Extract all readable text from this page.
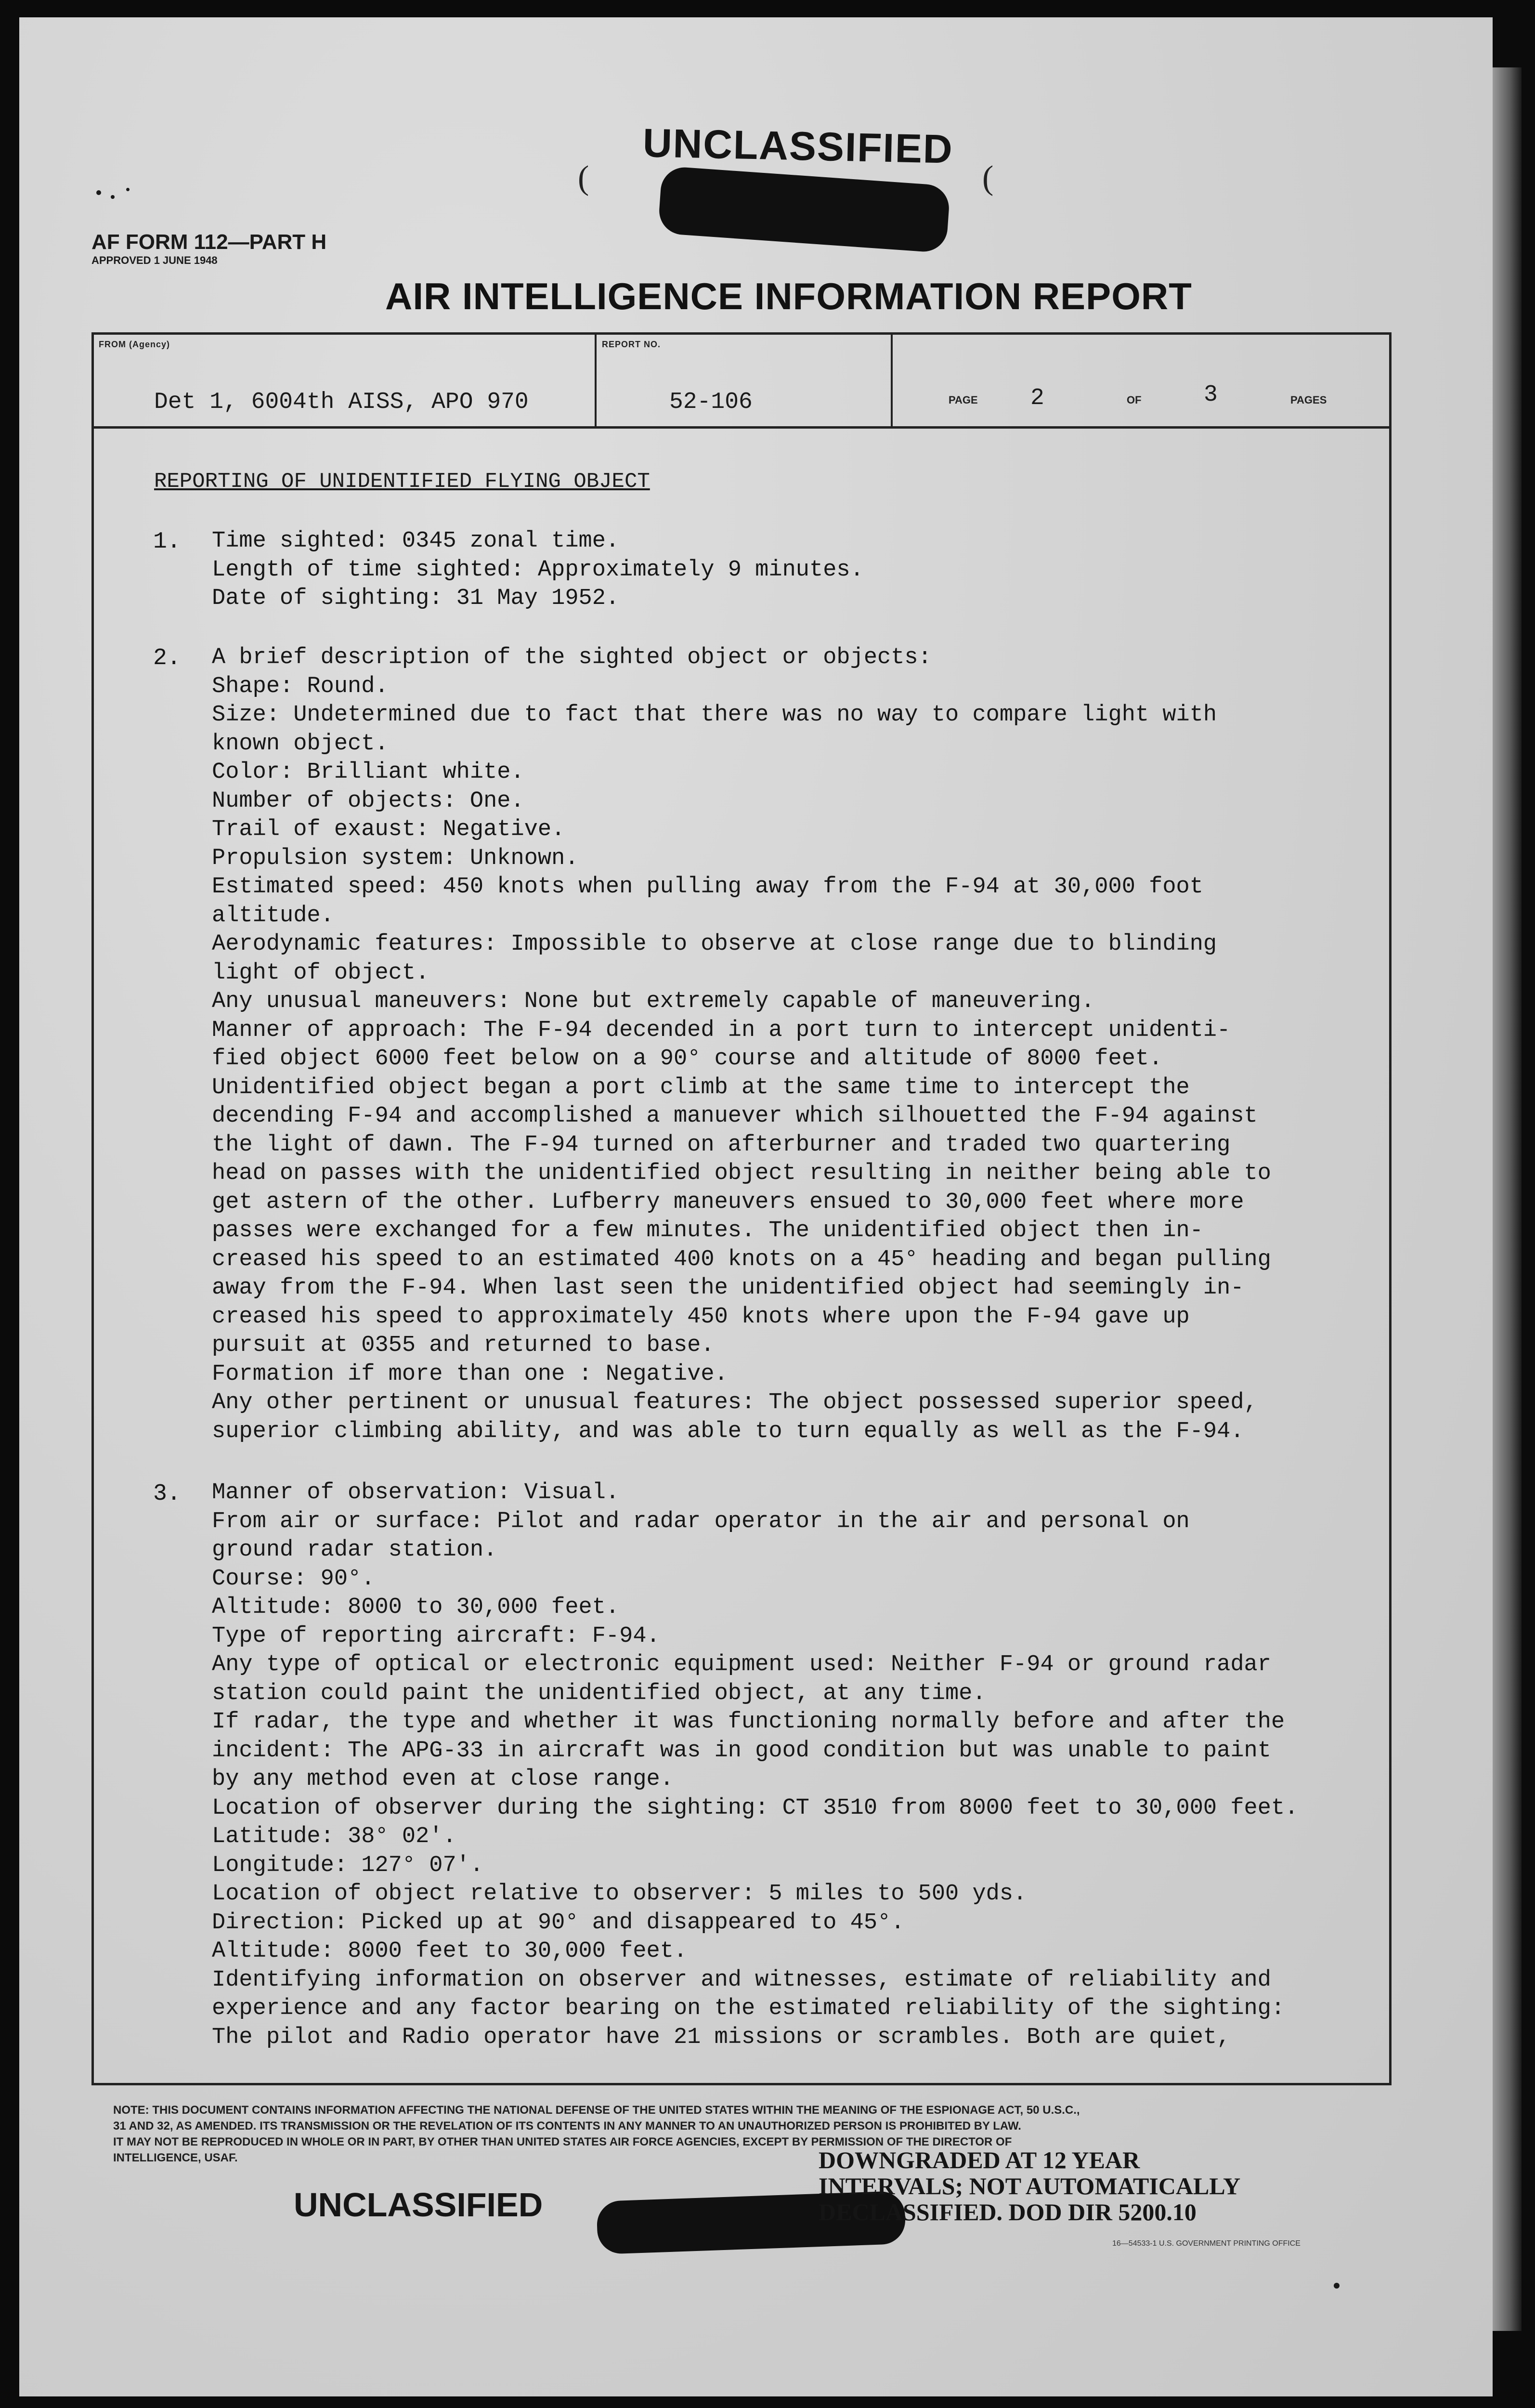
UNCLASSIFIED
(	(
AF FORM 112—PART H
APPROVED 1 JUNE 1948
AIR INTELLIGENCE INFORMATION REPORT
FROM (Agency)
Det 1, 6004th AISS, APO 970
REPORT NO.
52-106	PAGE 2	OF	3	PAGES
REPORTING OF UNIDENTIFIED FLYING OBJECT
1. Time sighted: 0345 zonal time.

Length of time sighted: Approximately 9 minutes.

Date of sighting: 31 May 1952.

2. A brief description of the sighted object or objects:

Shape: Round.

Size: Undetermined due to fact that there was no way to compare light with

known object.

Color: Brilliant white.

Number of objects: One.

Trail of exaust: Negative.

Propulsion system: Unknown.

Estimated speed: 450 knots when pulling away from the F-94 at 30,000 foot

altitude.

Aerodynamic features: Impossible to observe at close range due to blinding

light of object.

Any unusual maneuvers: None but extremely capable of maneuvering.

Manner of approach: The F-94 decended in a port turn to intercept unidenti-

fied object 6000 feet below on a 90° course and altitude of 8000 feet.

Unidentified object began a port climb at the same time to intercept the

decending F-94 and accomplished a manuever which silhouetted the F-94 against

the light of dawn. The F-94 turned on afterburner and traded two quartering

head on passes with the unidentified object resulting in neither being able to

get astern of the other. Lufberry maneuvers ensued to 30,000 feet where more

passes were exchanged for a few minutes. The unidentified object then in-

creased his speed to an estimated 400 knots on a 45° heading and began pulling

away from the F-94. When last seen the unidentified object had seemingly in-

creased his speed to approximately 450 knots where upon the F-94 gave up

pursuit at 0355 and returned to base.

Formation if more than one : Negative.

Any other pertinent or unusual features: The object possessed superior speed,

superior climbing ability, and was able to turn equally as well as the F-94.

3. Manner of observation: Visual.

From air or surface: Pilot and radar operator in the air and personal on

ground radar station.

Course: 90°.

Altitude: 8000 to 30,000 feet.

Type of reporting aircraft: F-94.

Any type of optical or electronic equipment used: Neither F-94 or ground radar

station could paint the unidentified object, at any time.

If radar, the type and whether it was functioning normally before and after the

incident: The APG-33 in aircraft was in good condition but was unable to paint

by any method even at close range.

Location of observer during the sighting: CT 3510 from 8000 feet to 30,000 feet.

Latitude: 38° 02'.

Longitude: 127° 07'.

Location of object relative to observer: 5 miles to 500 yds.

Direction: Picked up at 90° and disappeared to 45°.

Altitude: 8000 feet to 30,000 feet.

Identifying information on observer and witnesses, estimate of reliability and

experience and any factor bearing on the estimated reliability of the sighting:

The pilot and Radio operator have 21 missions or scrambles. Both are quiet,

NOTE: THIS DOCUMENT CONTAINS INFORMATION AFFECTING THE NATIONAL DEFENSE OF THE UNITED STATES WITHIN THE MEANING OF THE ESPIONAGE ACT, 50 U.S.C.,
31 AND 32, AS AMENDED. ITS TRANSMISSION OR THE REVELATION OF ITS CONTENTS IN ANY MANNER TO AN UNAUTHORIZED PERSON IS PROHIBITED BY LAW.
IT MAY NOT BE REPRODUCED IN WHOLE OR IN PART, BY OTHER THAN UNITED STATES AIR FORCE AGENCIES, EXCEPT BY PERMISSION OF THE DIRECTOR OF
INTELLIGENCE, USAF.
UNCLASSIFIED
DOWNGRADED AT 12 YEAR
INTERVALS; NOT AUTOMATICALLY
DECLASSIFIED. DOD DIR 5200.10
16—54533-1 U.S. GOVERNMENT PRINTING OFFICE
